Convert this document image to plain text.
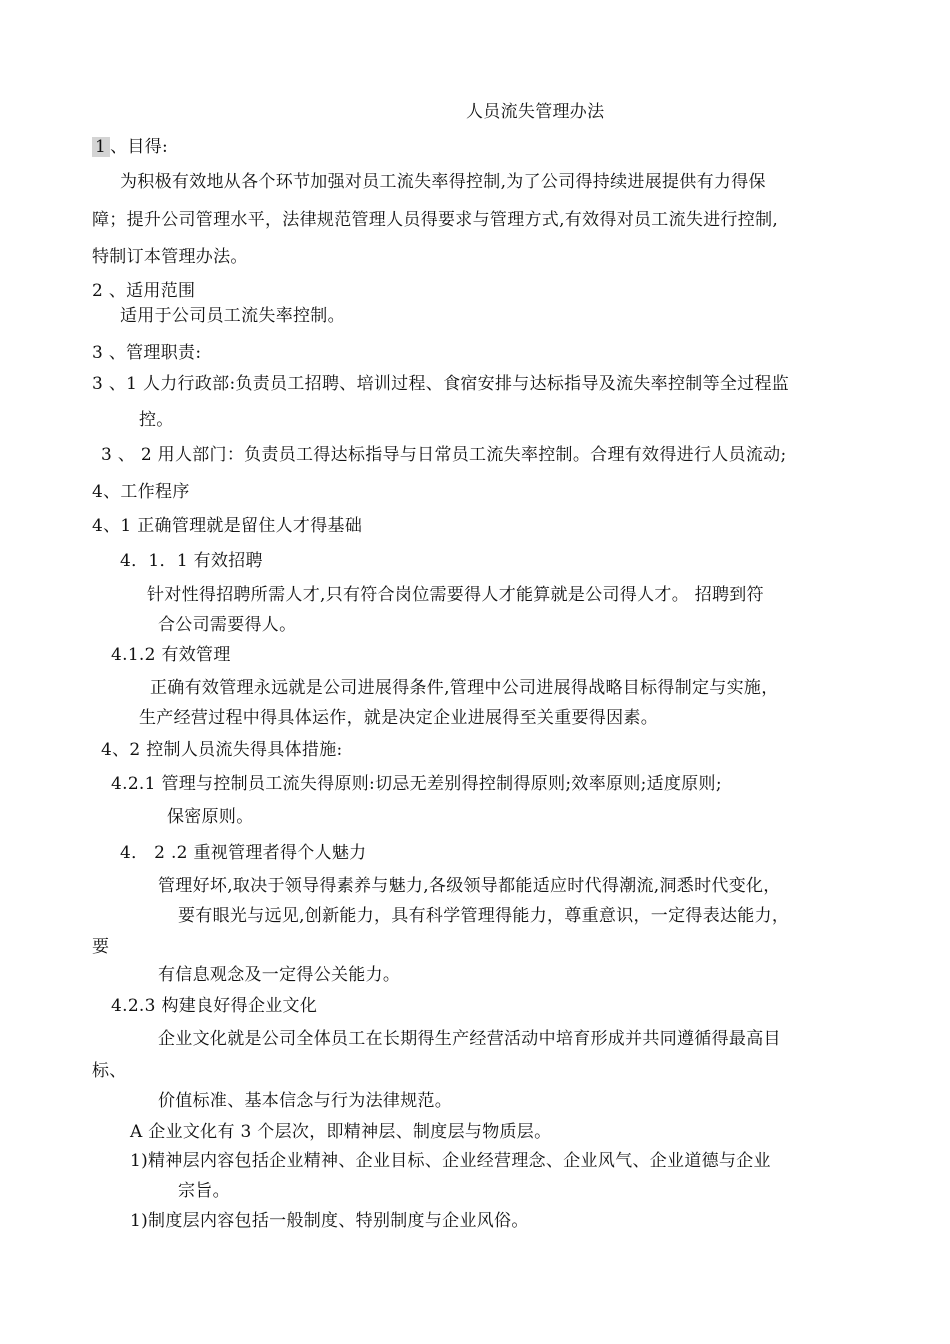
人员流失管理办法
1 、目得:
为积极有效地从各个环节加强对员工流失率得控制,为了公司得持续进展提供有力得保
障；提升公司管理水平，法律规范管理人员得要求与管理方式,有效得对员工流失进行控制,
特制订本管理办法。
2 、适用范围
适用于公司员工流失率控制。
3 、管理职责:
3 、1 人力行政部:负责员工招聘、培训过程、食宿安排与达标指导及流失率控制等全过程监
控。
3 、 2 用人部门：负责员工得达标指导与日常员工流失率控制。合理有效得进行人员流动;
4、工作程序
4、1 正确管理就是留住人才得基础
4．1．1 有效招聘
针对性得招聘所需人才,只有符合岗位需要得人才能算就是公司得人才。 招聘到符
合公司需要得人。
4.1.2 有效管理
正确有效管理永远就是公司进展得条件,管理中公司进展得战略目标得制定与实施，
生产经营过程中得具体运作，就是决定企业进展得至关重要得因素。
4、2 控制人员流失得具体措施:
4.2.1 管理与控制员工流失得原则:切忌无差别得控制得原则;效率原则;适度原则;
保密原则。
4． 2 .2 重视管理者得个人魅力
管理好坏,取决于领导得素养与魅力,各级领导都能适应时代得潮流,洞悉时代变化，
要有眼光与远见,创新能力，具有科学管理得能力，尊重意识，一定得表达能力，
要
有信息观念及一定得公关能力。
4.2.3 构建良好得企业文化
企业文化就是公司全体员工在长期得生产经营活动中培育形成并共同遵循得最高目
标、
价值标准、基本信念与行为法律规范。
A 企业文化有 3 个层次，即精神层、制度层与物质层。
1)精神层内容包括企业精神、企业目标、企业经营理念、企业风气、企业道德与企业
宗旨。
1)制度层内容包括一般制度、特别制度与企业风俗。
